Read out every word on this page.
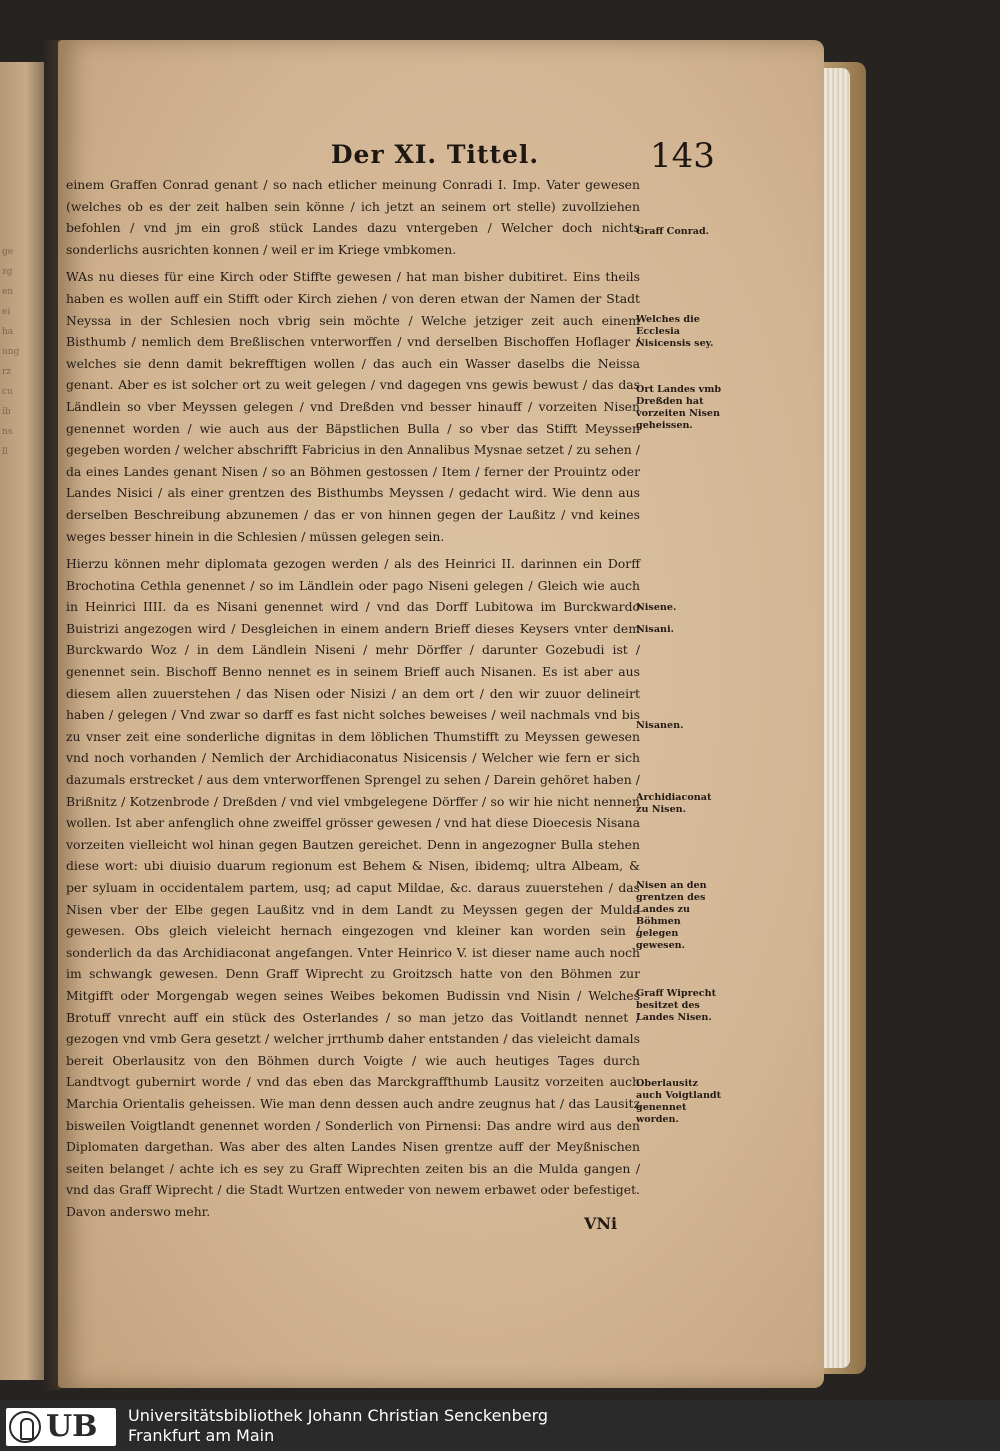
ge
zg
en
ei
ha
ung
rz
cu
ib
ns
ll
Der XI. Tittel.	143

einem Graffen Conrad genant / so nach etlicher meinung Conradi I. Imp. Vater gewesen (welches ob es der zeit halben sein könne / ich jetzt an seinem ort stelle) zuvollziehen befohlen / vnd jm ein groß stück Landes dazu vntergeben / Welcher doch nichts sonderlichs ausrichten konnen / weil er im Kriege vmbkomen.

WAs nu dieses für eine Kirch oder Stiffte gewesen / hat man bisher dubitiret. Eins theils haben es wollen auff ein Stifft oder Kirch ziehen / von deren etwan der Namen der Stadt Neyssa in der Schlesien noch vbrig sein möchte / Welche jetziger zeit auch einem Bisthumb / nemlich dem Breßlischen vnterworffen / vnd derselben Bischoffen Hoflager / welches sie denn damit bekrefftigen wollen / das auch ein Wasser daselbs die Neissa genant. Aber es ist solcher ort zu weit gelegen / vnd dagegen vns gewis bewust / das das Ländlein so vber Meyssen gelegen / vnd Dreßden vnd besser hinauff / vorzeiten Nisen genennet worden / wie auch aus der Bäpstlichen Bulla / so vber das Stifft Meyssen gegeben worden / welcher abschrifft Fabricius in den Annalibus Mysnae setzet / zu sehen / da eines Landes genant Nisen / so an Böhmen gestossen / Item / ferner der Prouintz oder Landes Nisici / als einer grentzen des Bisthumbs Meyssen / gedacht wird. Wie denn aus derselben Beschreibung abzunemen / das er von hinnen gegen der Laußitz / vnd keines weges besser hinein in die Schlesien / müssen gelegen sein.

Hierzu können mehr diplomata gezogen werden / als des Heinrici II. darinnen ein Dorff Brochotina Cethla genennet / so im Ländlein oder pago Niseni gelegen / Gleich wie auch in Heinrici IIII. da es Nisani genennet wird / vnd das Dorff Lubitowa im Burckwardo Buistrizi angezogen wird / Desgleichen in einem andern Brieff dieses Keysers vnter dem Burckwardo Woz / in dem Ländlein Niseni / mehr Dörffer / darunter Gozebudi ist / genennet sein. Bischoff Benno nennet es in seinem Brieff auch Nisanen. Es ist aber aus diesem allen zuuerstehen / das Nisen oder Nisizi / an dem ort / den wir zuuor delineirt haben / gelegen / Vnd zwar so darff es fast nicht solches beweises / weil nachmals vnd bis zu vnser zeit eine sonderliche dignitas in dem löblichen Thumstifft zu Meyssen gewesen vnd noch vorhanden / Nemlich der Archidiaconatus Nisicensis / Welcher wie fern er sich dazumals erstrecket / aus dem vnterworffenen Sprengel zu sehen / Darein gehöret haben / Brißnitz / Kotzenbrode / Dreßden / vnd viel vmbgelegene Dörffer / so wir hie nicht nennen wollen. Ist aber anfenglich ohne zweiffel grösser gewesen / vnd hat diese Dioecesis Nisana vorzeiten vielleicht wol hinan gegen Bautzen gereichet. Denn in angezogner Bulla stehen diese wort: ubi diuisio duarum regionum est Behem & Nisen, ibidemq; ultra Albeam, & per syluam in occidentalem partem, usq; ad caput Mildae, &c. daraus zuuerstehen / das Nisen vber der Elbe gegen Laußitz vnd in dem Landt zu Meyssen gegen der Mulda gewesen. Obs gleich vieleicht hernach eingezogen vnd kleiner kan worden sein / sonderlich da das Archidiaconat angefangen. Vnter Heinrico V. ist dieser name auch noch im schwangk gewesen. Denn Graff Wiprecht zu Groitzsch hatte von den Böhmen zur Mitgifft oder Morgengab wegen seines Weibes bekomen Budissin vnd Nisin / Welches Brotuff vnrecht auff ein stück des Osterlandes / so man jetzo das Voitlandt nennet / gezogen vnd vmb Gera gesetzt / welcher jrrthumb daher entstanden / das vieleicht damals bereit Oberlausitz von den Böhmen durch Voigte / wie auch heutiges Tages durch Landtvogt gubernirt worde / vnd das eben das Marckgraffthumb Lausitz vorzeiten auch Marchia Orientalis geheissen. Wie man denn dessen auch andre zeugnus hat / das Lausitz bisweilen Voigtlandt genennet worden / Sonderlich von Pirnensi: Das andre wird aus den Diplomaten dargethan. Was aber des alten Landes Nisen grentze auff der Meyßnischen seiten belanget / achte ich es sey zu Graff Wiprechten zeiten bis an die Mulda gangen / vnd das Graff Wiprecht / die Stadt Wurtzen entweder von newem erbawet oder befestiget. Davon anderswo mehr.

Graff Conrad.
Welches die Ecclesia Nisicensis sey.
Ort Landes vmb Dreßden hat vorzeiten Nisen geheissen.
Nisene.
Nisani.
Nisanen.
Archidiaconat zu Nisen.
Nisen an den grentzen des Landes zu Böhmen gelegen gewesen.
Graff Wiprecht besitzet des Landes Nisen.
Oberlausitz auch Voigtlandt genennet worden.
VNi
UB Universitätsbibliothek Johann Christian Senckenberg
Frankfurt am Main
